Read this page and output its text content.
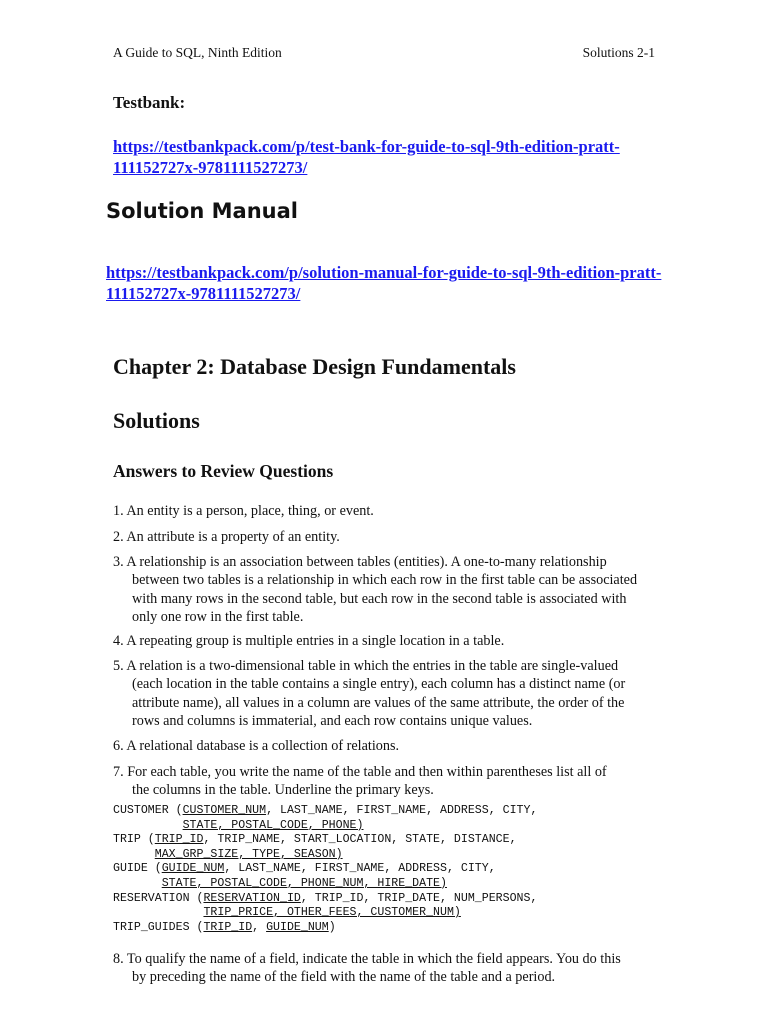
A Guide to SQL, Ninth Edition	Solutions 2-1
Testbank:
https://testbankpack.com/p/test-bank-for-guide-to-sql-9th-edition-pratt-111152727x-9781111527273/
Solution Manual
https://testbankpack.com/p/solution-manual-for-guide-to-sql-9th-edition-pratt-111152727x-9781111527273/
Chapter 2: Database Design Fundamentals
Solutions
Answers to Review Questions
1. An entity is a person, place, thing, or event.
2. An attribute is a property of an entity.
3. A relationship is an association between tables (entities). A one-to-many relationship
between two tables is a relationship in which each row in the first table can be associated with many rows in the second table, but each row in the second table is associated with only one row in the first table.
4. A repeating group is multiple entries in a single location in a table.
5. A relation is a two-dimensional table in which the entries in the table are single-valued
(each location in the table contains a single entry), each column has a distinct name (or attribute name), all values in a column are values of the same attribute, the order of the rows and columns is immaterial, and each row contains unique values.
6. A relational database is a collection of relations.
7. For each table, you write the name of the table and then within parentheses list all of
the columns in the table. Underline the primary keys.
CUSTOMER (CUSTOMER_NUM, LAST_NAME, FIRST_NAME, ADDRESS, CITY,
STATE, POSTAL_CODE, PHONE)
TRIP (TRIP_ID, TRIP_NAME, START_LOCATION, STATE, DISTANCE,
MAX_GRP_SIZE, TYPE, SEASON)
GUIDE (GUIDE_NUM, LAST_NAME, FIRST_NAME, ADDRESS, CITY,
STATE, POSTAL_CODE, PHONE_NUM, HIRE_DATE)
RESERVATION (RESERVATION_ID, TRIP_ID, TRIP_DATE, NUM_PERSONS,
TRIP_PRICE, OTHER_FEES, CUSTOMER_NUM)
TRIP_GUIDES (TRIP_ID, GUIDE_NUM)
8. To qualify the name of a field, indicate the table in which the field appears. You do this
by preceding the name of the field with the name of the table and a period.
